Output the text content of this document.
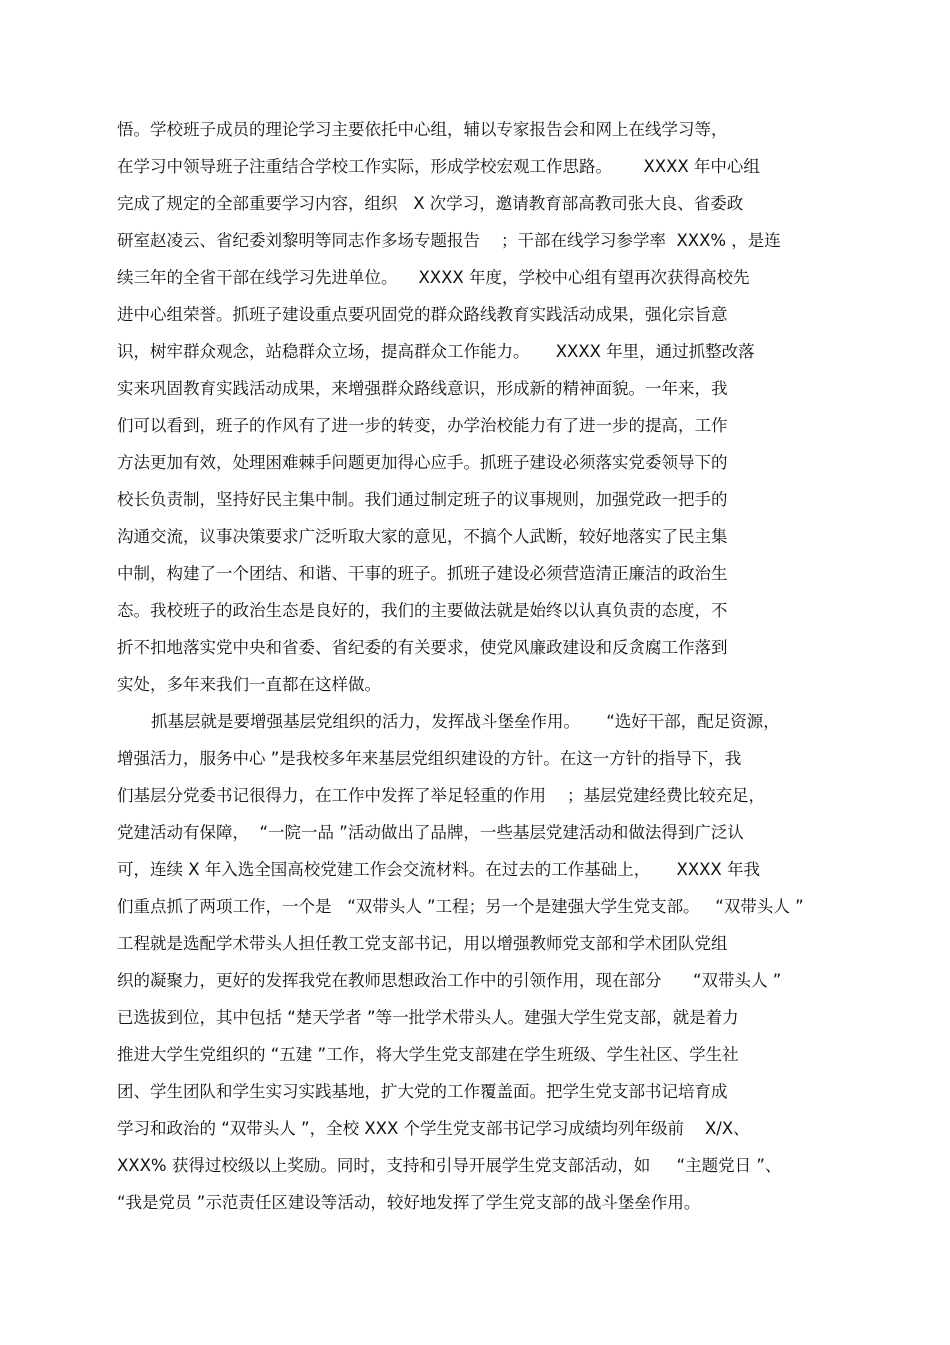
悟。学校班子成员的理论学习主要依托中心组，辅以专家报告会和网上在线学习等，
在学习中领导班子注重结合学校工作实际，形成学校宏观工作思路。      XXXX 年中心组
完成了规定的全部重要学习内容，组织   X 次学习，邀请教育部高教司张大良、省委政
研室赵凌云、省纪委刘黎明等同志作多场专题报告    ；干部在线学习参学率  XXX% ，是连
续三年的全省干部在线学习先进单位。    XXXX 年度，学校中心组有望再次获得高校先
进中心组荣誉。抓班子建设重点要巩固党的群众路线教育实践活动成果，强化宗旨意
识，树牢群众观念，站稳群众立场，提高群众工作能力。     XXXX 年里，通过抓整改落
实来巩固教育实践活动成果，来增强群众路线意识，形成新的精神面貌。一年来，我
们可以看到，班子的作风有了进一步的转变，办学治校能力有了进一步的提高，工作
方法更加有效，处理困难棘手问题更加得心应手。抓班子建设必须落实党委领导下的
校长负责制，坚持好民主集中制。我们通过制定班子的议事规则，加强党政一把手的
沟通交流，议事决策要求广泛听取大家的意见，不搞个人武断，较好地落实了民主集
中制，构建了一个团结、和谐、干事的班子。抓班子建设必须营造清正廉洁的政治生
态。我校班子的政治生态是良好的，我们的主要做法就是始终以认真负责的态度，不
折不扣地落实党中央和省委、省纪委的有关要求，使党风廉政建设和反贪腐工作落到
实处，多年来我们一直都在这样做。
抓基层就是要增强基层党组织的活力，发挥战斗堡垒作用。     “选好干部，配足资源，
增强活力，服务中心 ”是我校多年来基层党组织建设的方针。在这一方针的指导下，我
们基层分党委书记很得力，在工作中发挥了举足轻重的作用    ；基层党建经费比较充足，
党建活动有保障，  “一院一品 ”活动做出了品牌，一些基层党建活动和做法得到广泛认
可，连续 X 年入选全国高校党建工作会交流材料。在过去的工作基础上，     XXXX 年我
们重点抓了两项工作，一个是   “双带头人 ”工程；另一个是建强大学生党支部。   “双带头人 ”
工程就是选配学术带头人担任教工党支部书记，用以增强教师党支部和学术团队党组
织的凝聚力，更好的发挥我党在教师思想政治工作中的引领作用，现在部分      “双带头人 ”
已选拔到位，其中包括 “楚天学者 ”等一批学术带头人。建强大学生党支部，就是着力
推进大学生党组织的 “五建 ”工作，将大学生党支部建在学生班级、学生社区、学生社
团、学生团队和学生实习实践基地，扩大党的工作覆盖面。把学生党支部书记培育成
学习和政治的 “双带头人 ”，全校 XXX 个学生党支部书记学习成绩均列年级前    X/X、
XXX% 获得过校级以上奖励。同时，支持和引导开展学生党支部活动，如     “主题党日 ”、
“我是党员 ”示范责任区建设等活动，较好地发挥了学生党支部的战斗堡垒作用。
